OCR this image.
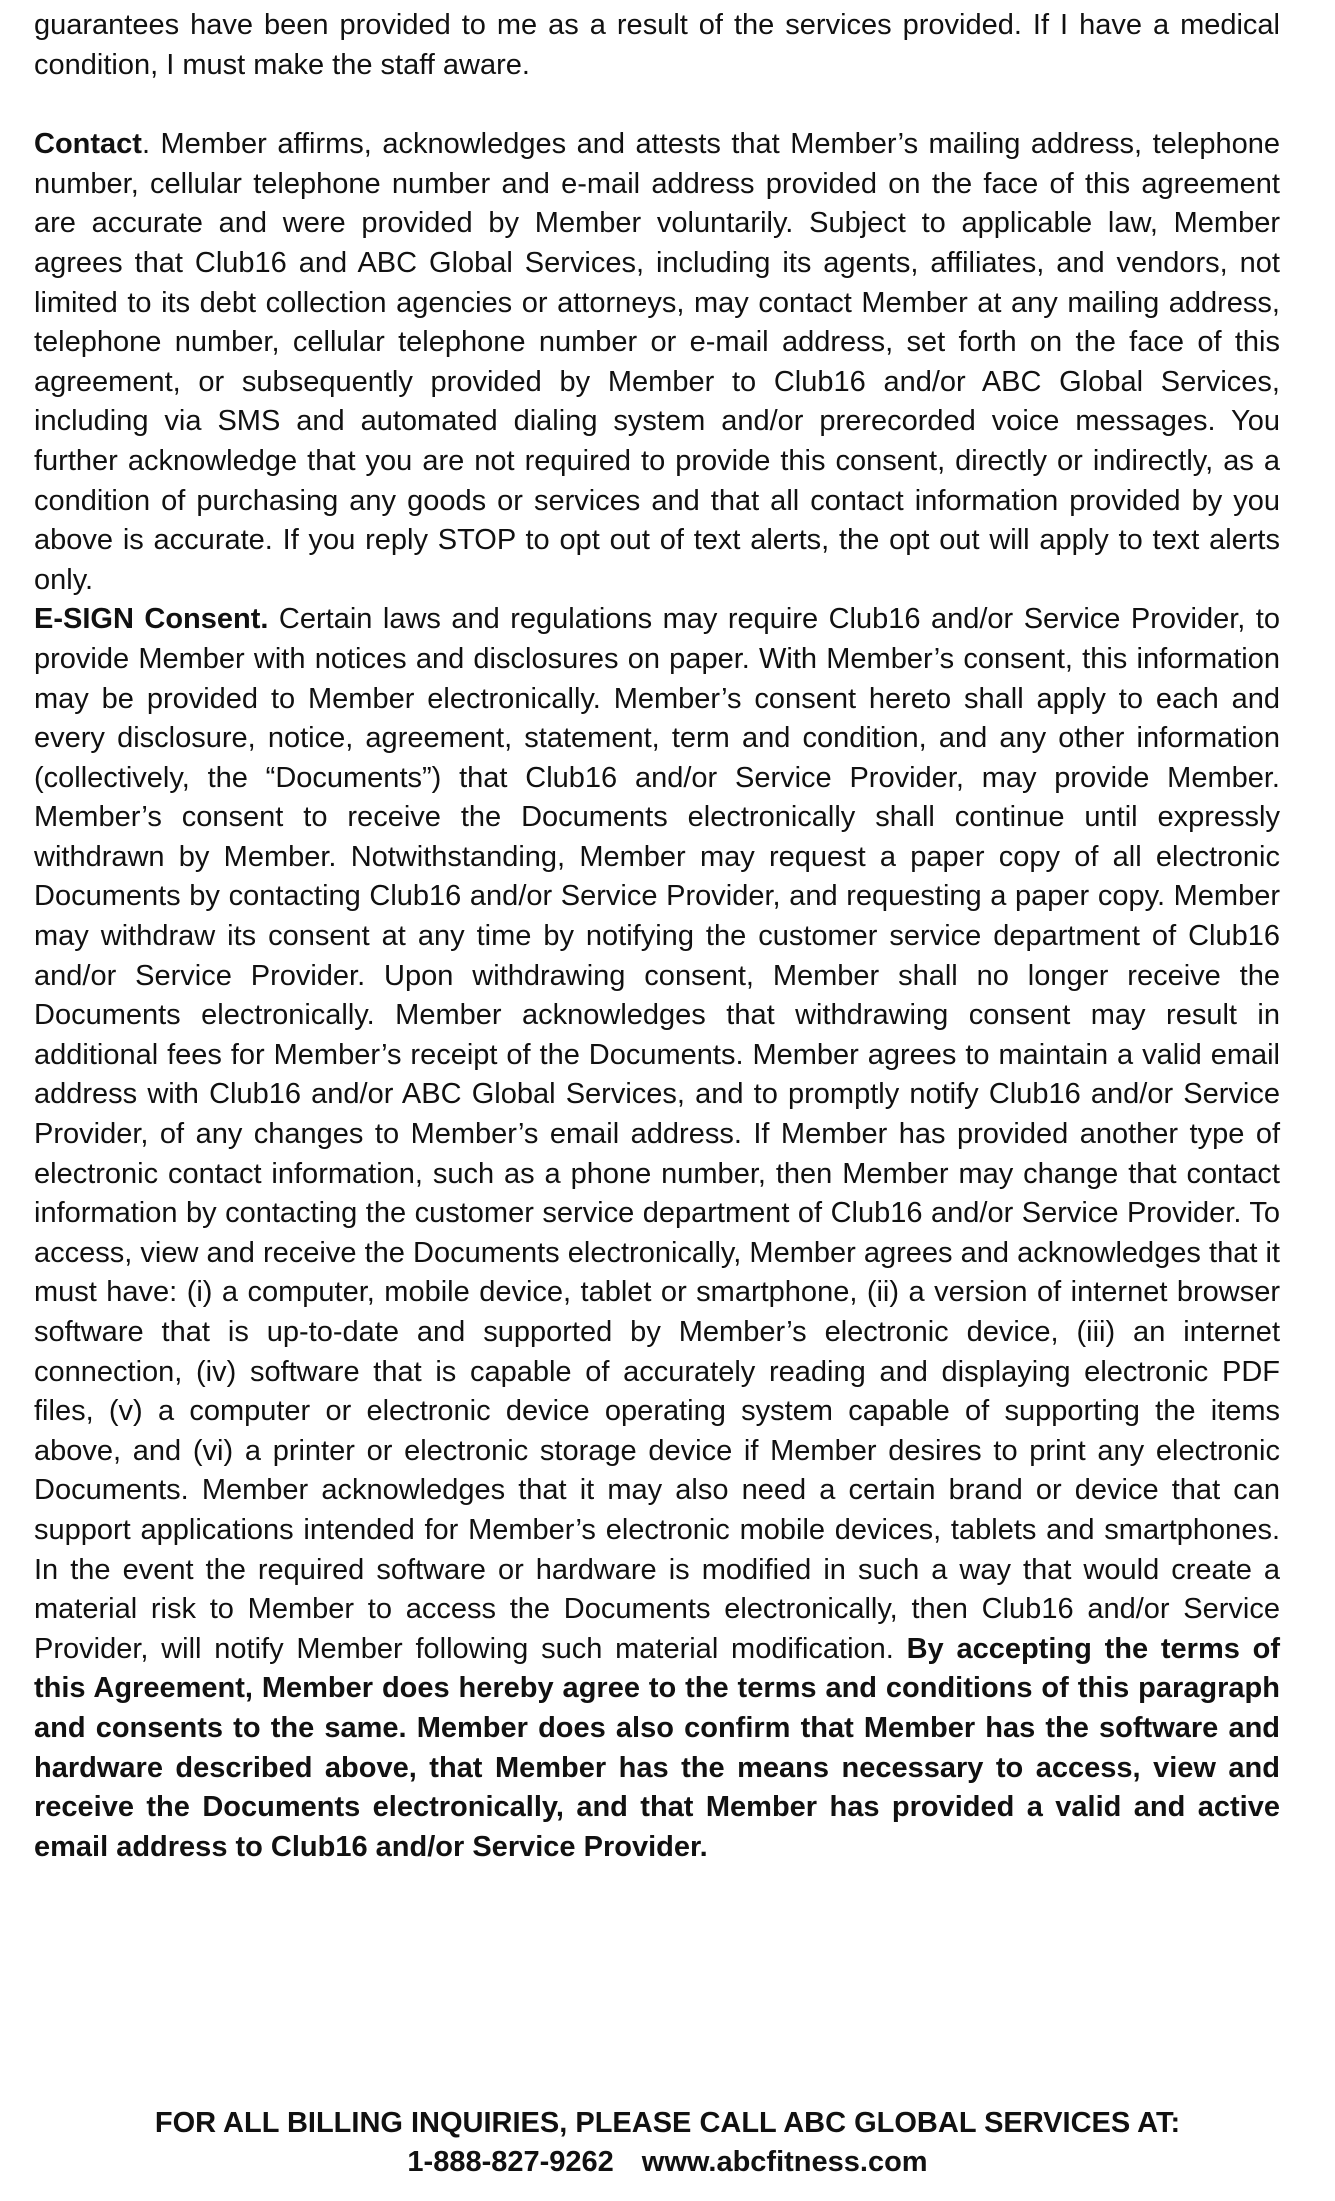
guarantees have been provided to me as a result of the services provided. If I have a medical condition, I must make the staff aware.

Contact. Member affirms, acknowledges and attests that Member’s mailing address, telephone number, cellular telephone number and e-mail address provided on the face of this agreement are accurate and were provided by Member voluntarily. Subject to applicable law, Member agrees that Club16 and ABC Global Services, including its agents, affiliates, and vendors, not limited to its debt collection agencies or attorneys, may contact Member at any mailing address, telephone number, cellular telephone number or e-mail address, set forth on the face of this agreement, or subsequently provided by Member to Club16 and/or ABC Global Services, including via SMS and automated dialing system and/or prerecorded voice messages. You further acknowledge that you are not required to provide this consent, directly or indirectly, as a condition of purchasing any goods or services and that all contact information provided by you above is accurate. If you reply STOP to opt out of text alerts, the opt out will apply to text alerts only.

E-SIGN Consent. Certain laws and regulations may require Club16 and/or Service Provider, to provide Member with notices and disclosures on paper. With Member’s consent, this information may be provided to Member electronically. Member’s consent hereto shall apply to each and every disclosure, notice, agreement, statement, term and condition, and any other information (collectively, the “Documents”) that Club16 and/or Service Provider, may provide Member. Member’s consent to receive the Documents electronically shall continue until expressly withdrawn by Member. Notwithstanding, Member may request a paper copy of all electronic Documents by contacting Club16 and/or Service Provider, and requesting a paper copy. Member may withdraw its consent at any time by notifying the customer service department of Club16 and/or Service Provider. Upon withdrawing consent, Member shall no longer receive the Documents electronically. Member acknowledges that withdrawing consent may result in additional fees for Member’s receipt of the Documents. Member agrees to maintain a valid email address with Club16 and/or ABC Global Services, and to promptly notify Club16 and/or Service Provider, of any changes to Member’s email address. If Member has provided another type of electronic contact information, such as a phone number, then Member may change that contact information by contacting the customer service department of Club16 and/or Service Provider. To access, view and receive the Documents electronically, Member agrees and acknowledges that it must have: (i) a computer, mobile device, tablet or smartphone, (ii) a version of internet browser software that is up-to-date and supported by Member’s electronic device, (iii) an internet connection, (iv) software that is capable of accurately reading and displaying electronic PDF files, (v) a computer or electronic device operating system capable of supporting the items above, and (vi) a printer or electronic storage device if Member desires to print any electronic Documents. Member acknowledges that it may also need a certain brand or device that can support applications intended for Member’s electronic mobile devices, tablets and smartphones. In the event the required software or hardware is modified in such a way that would create a material risk to Member to access the Documents electronically, then Club16 and/or Service Provider, will notify Member following such material modification. By accepting the terms of this Agreement, Member does hereby agree to the terms and conditions of this paragraph and consents to the same. Member does also confirm that Member has the software and hardware described above, that Member has the means necessary to access, view and receive the Documents electronically, and that Member has provided a valid and active email address to Club16 and/or Service Provider.

FOR ALL BILLING INQUIRIES, PLEASE CALL ABC GLOBAL SERVICES AT:
1-888-827-9262 www.abcfitness.com
